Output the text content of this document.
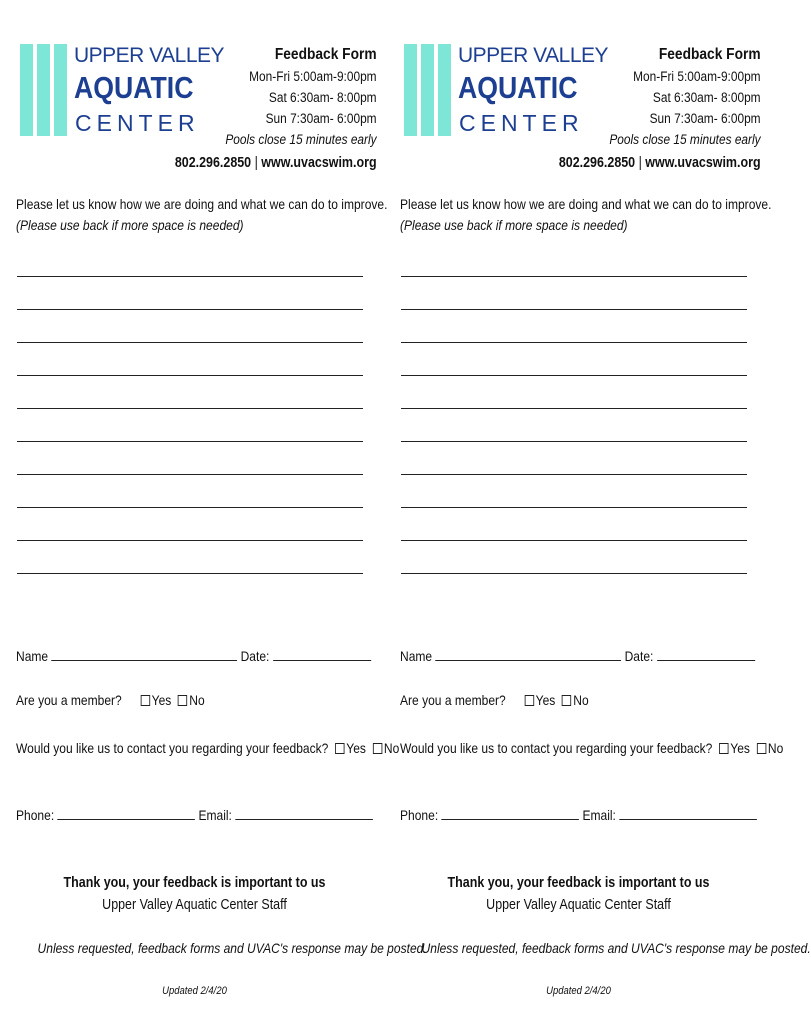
UPPER VALLEY
AQUATIC
CENTER
Feedback Form
Mon-Fri 5:00am-9:00pm
Sat 6:30am- 8:00pm
Sun 7:30am- 6:00pm
Pools close 15 minutes early
802.296.2850 | www.uvacswim.org
Please let us know how we are doing and what we can do to improve.
(Please use back if more space is needed)
Name	Date:
Are you a member? Yes No
Would you like us to contact you regarding your feedback? Yes No
Phone:	Email:
Thank you, your feedback is important to us
Upper Valley Aquatic Center Staff
Unless requested, feedback forms and UVAC's response may be posted.
Updated 2/4/20
UPPER VALLEY
AQUATIC
CENTER
Feedback Form
Mon-Fri 5:00am-9:00pm
Sat 6:30am- 8:00pm
Sun 7:30am- 6:00pm
Pools close 15 minutes early
802.296.2850 | www.uvacswim.org
Please let us know how we are doing and what we can do to improve.
(Please use back if more space is needed)
Name	Date:
Are you a member? Yes No
Would you like us to contact you regarding your feedback? Yes No
Phone:	Email:
Thank you, your feedback is important to us
Upper Valley Aquatic Center Staff
Unless requested, feedback forms and UVAC's response may be posted.
Updated 2/4/20
